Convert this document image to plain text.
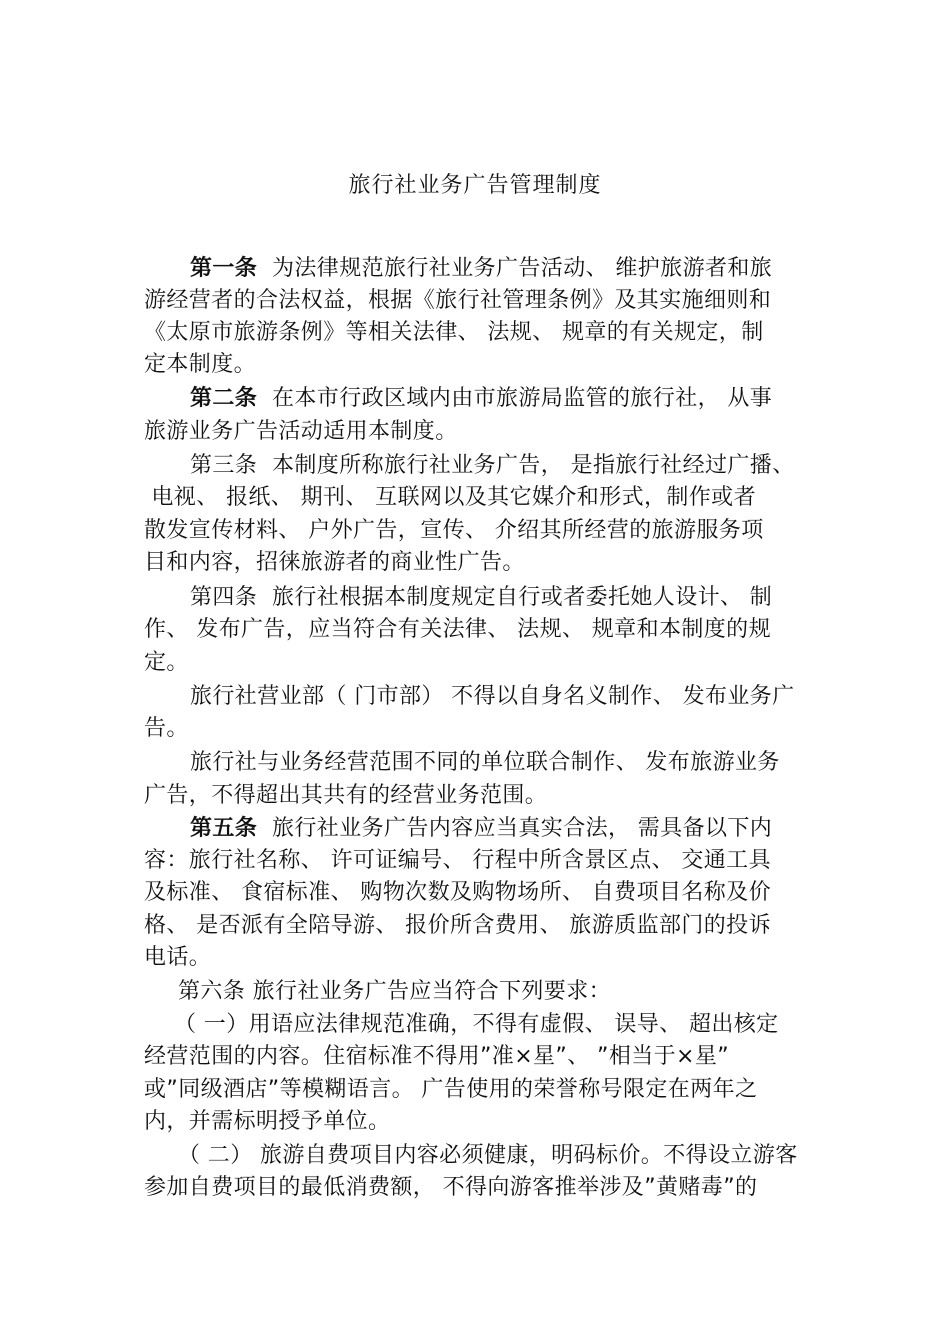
旅行社业务广告管理制度
第一条 为法律规范旅行社业务广告活动、 维护旅游者和旅
游经营者的合法权益，根据《旅行社管理条例》及其实施细则和
《太原市旅游条例》等相关法律、 法规、 规章的有关规定，制
定本制度。
第二条 在本市行政区域内由市旅游局监管的旅行社， 从事
旅游业务广告活动适用本制度。
第三条 本制度所称旅行社业务广告， 是指旅行社经过广播、
电视、 报纸、 期刊、 互联网以及其它媒介和形式，制作或者
散发宣传材料、 户外广告，宣传、 介绍其所经营的旅游服务项
目和内容，招徕旅游者的商业性广告。
第四条 旅行社根据本制度规定自行或者委托她人设计、 制
作、 发布广告，应当符合有关法律、 法规、 规章和本制度的规
定。
旅行社营业部（ 门市部） 不得以自身名义制作、 发布业务广
告。
旅行社与业务经营范围不同的单位联合制作、 发布旅游业务
广告，不得超出其共有的经营业务范围。
第五条 旅行社业务广告内容应当真实合法， 需具备以下内
容：旅行社名称、 许可证编号、 行程中所含景区点、 交通工具
及标准、 食宿标准、 购物次数及购物场所、 自费项目名称及价
格、 是否派有全陪导游、 报价所含费用、 旅游质监部门的投诉
电话。
第六条 旅行社业务广告应当符合下列要求：
（ 一）用语应法律规范准确，不得有虚假、 误导、 超出核定
经营范围的内容。住宿标准不得用”准×星”、 ”相当于×星”
或”同级酒店”等模糊语言。 广告使用的荣誉称号限定在两年之
内，并需标明授予单位。
（ 二） 旅游自费项目内容必须健康，明码标价。不得设立游客
参加自费项目的最低消费额， 不得向游客推举涉及”黄赌毒”的
